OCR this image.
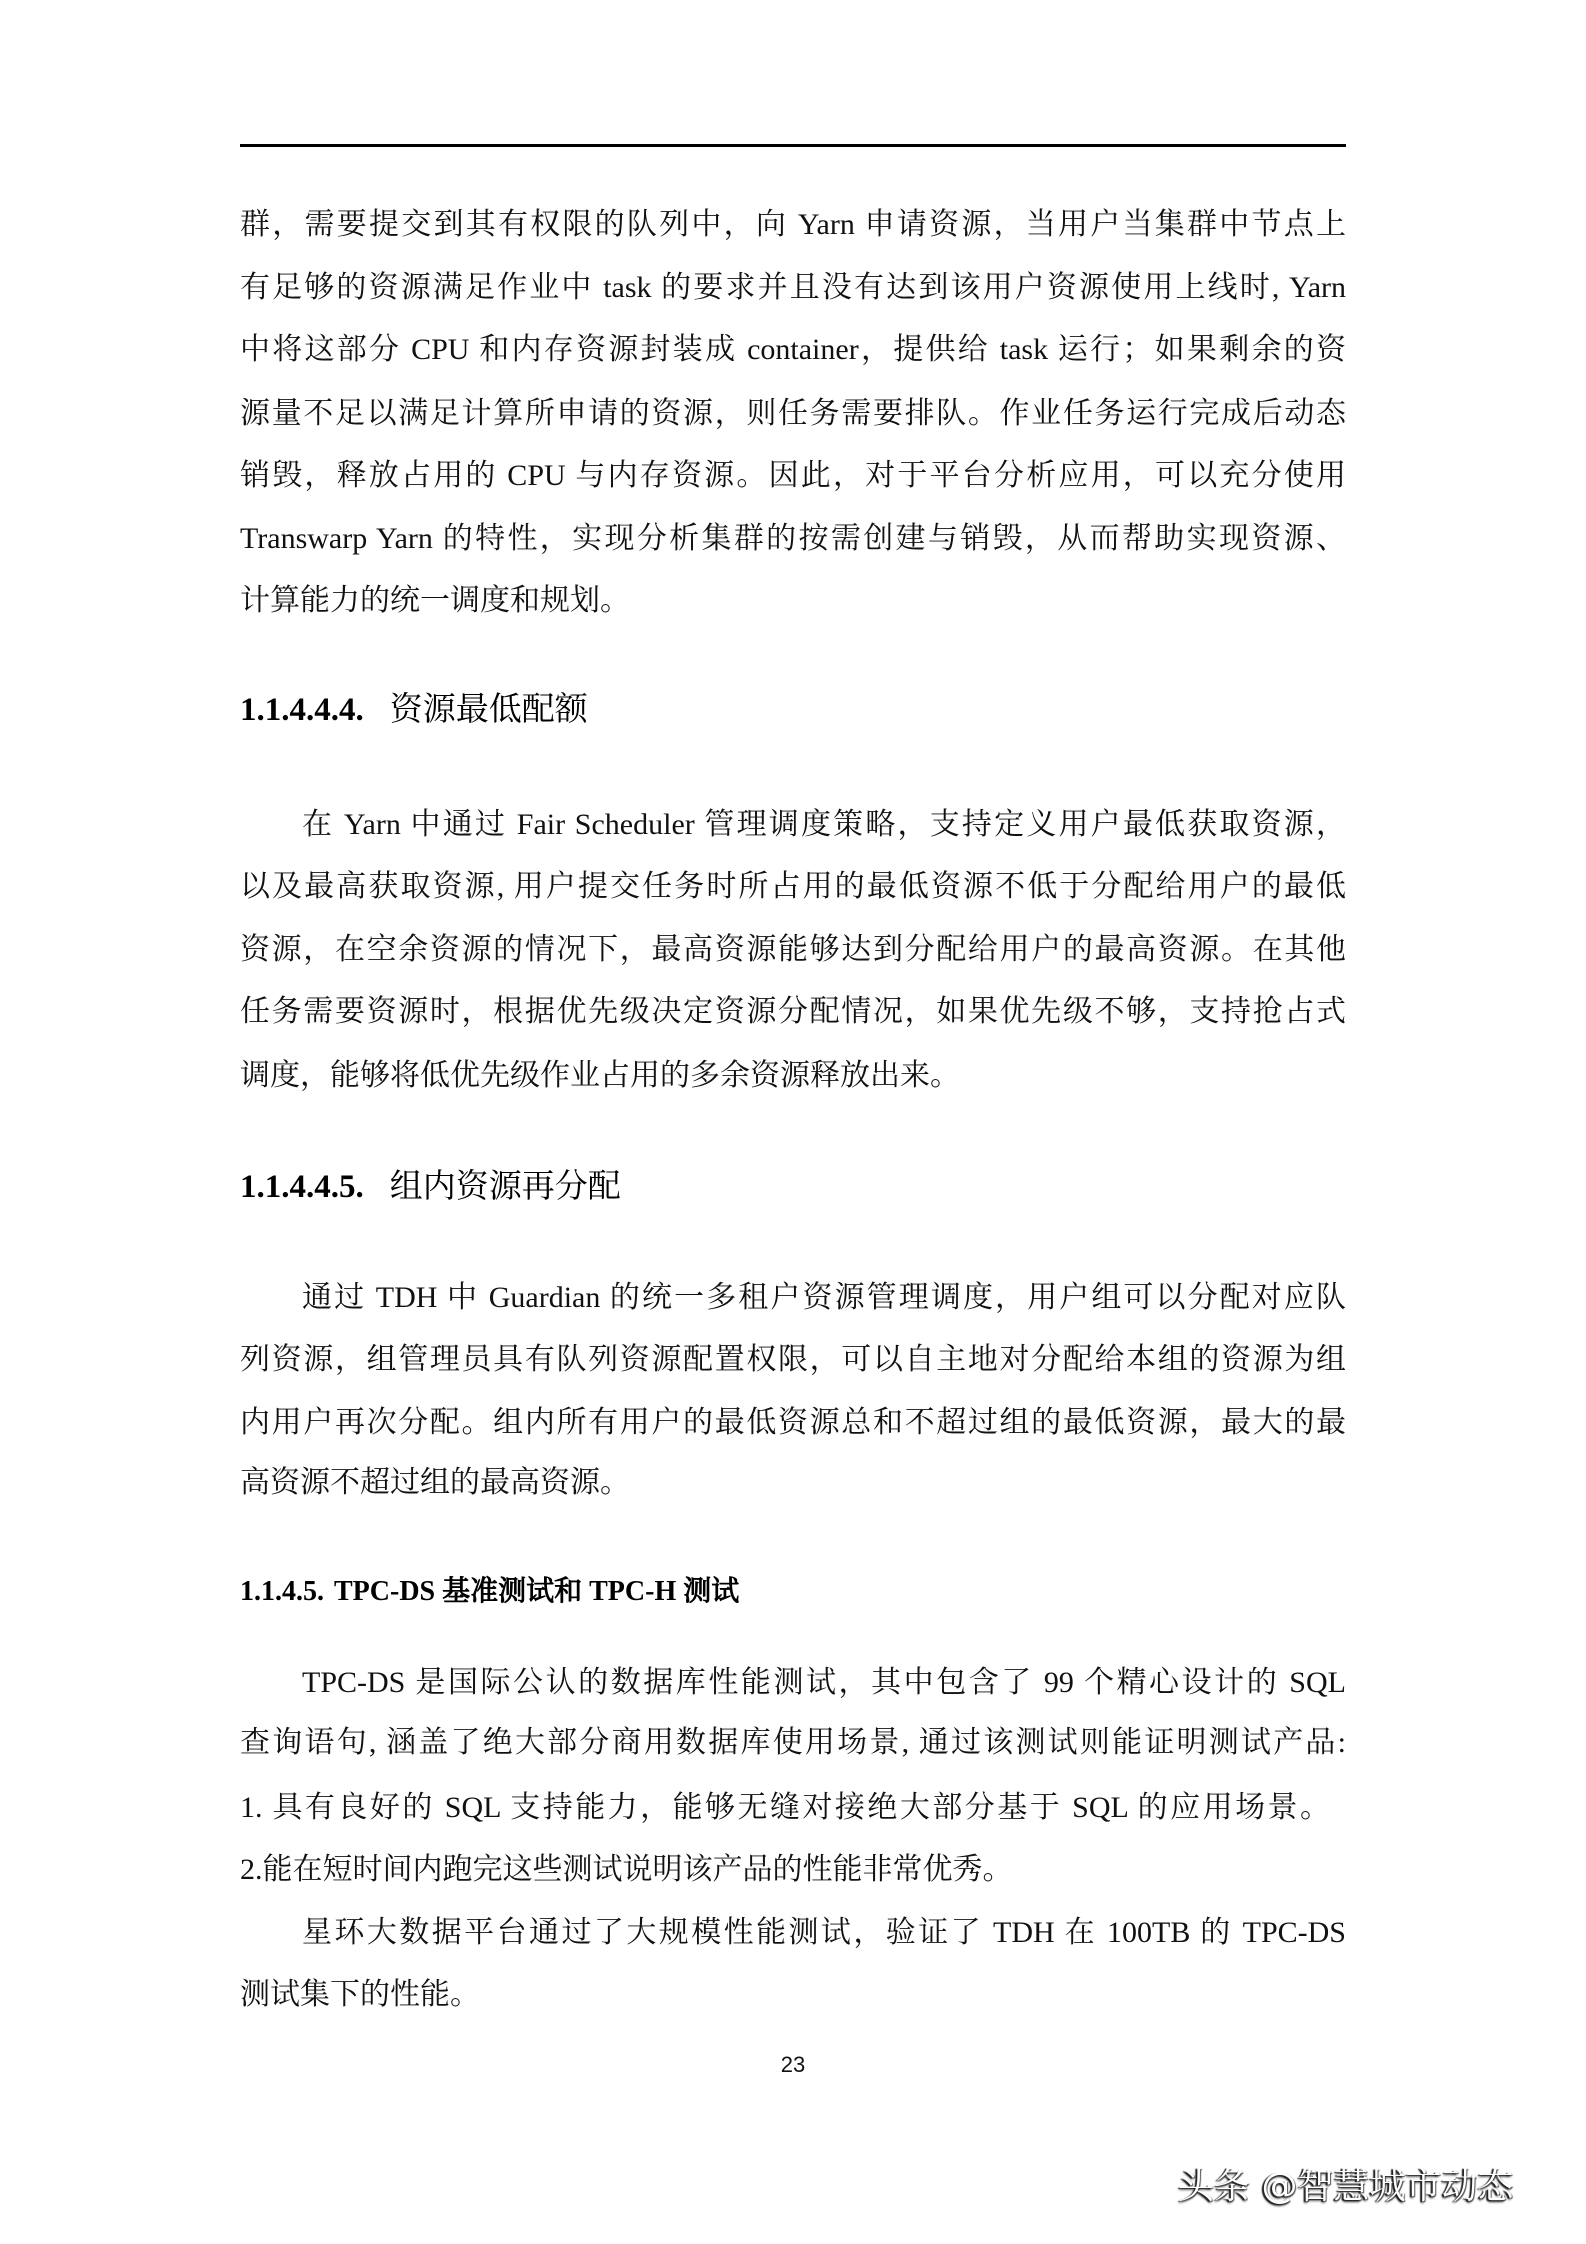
群，需要提交到其有权限的队列中，向 Yarn 申请资源，当用户当集群中节点上
有足够的资源满足作业中 task 的要求并且没有达到该用户资源使用上线时, Yarn
中将这部分 CPU 和内存资源封装成 container，提供给 task 运行；如果剩余的资
源量不足以满足计算所申请的资源，则任务需要排队。作业任务运行完成后动态
销毁，释放占用的 CPU 与内存资源。因此，对于平台分析应用，可以充分使用
Transwarp Yarn 的特性，实现分析集群的按需创建与销毁，从而帮助实现资源、
计算能力的统一调度和规划。
1.1.4.4.4. 资源最低配额
在 Yarn 中通过 Fair Scheduler 管理调度策略，支持定义用户最低获取资源，
以及最高获取资源, 用户提交任务时所占用的最低资源不低于分配给用户的最低
资源，在空余资源的情况下，最高资源能够达到分配给用户的最高资源。在其他
任务需要资源时，根据优先级决定资源分配情况，如果优先级不够，支持抢占式
调度，能够将低优先级作业占用的多余资源释放出来。
1.1.4.4.5. 组内资源再分配
通过 TDH 中 Guardian 的统一多租户资源管理调度，用户组可以分配对应队
列资源，组管理员具有队列资源配置权限，可以自主地对分配给本组的资源为组
内用户再次分配。组内所有用户的最低资源总和不超过组的最低资源，最大的最
高资源不超过组的最高资源。
1.1.4.5. TPC-DS 基准测试和 TPC-H 测试
TPC-DS 是国际公认的数据库性能测试，其中包含了 99 个精心设计的 SQL
查询语句, 涵盖了绝大部分商用数据库使用场景, 通过该测试则能证明测试产品:
1. 具有良好的 SQL 支持能力，能够无缝对接绝大部分基于 SQL 的应用场景。
2.能在短时间内跑完这些测试说明该产品的性能非常优秀。
星环大数据平台通过了大规模性能测试，验证了 TDH 在 100TB 的 TPC-DS
测试集下的性能。
23
头条 @智慧城市动态
